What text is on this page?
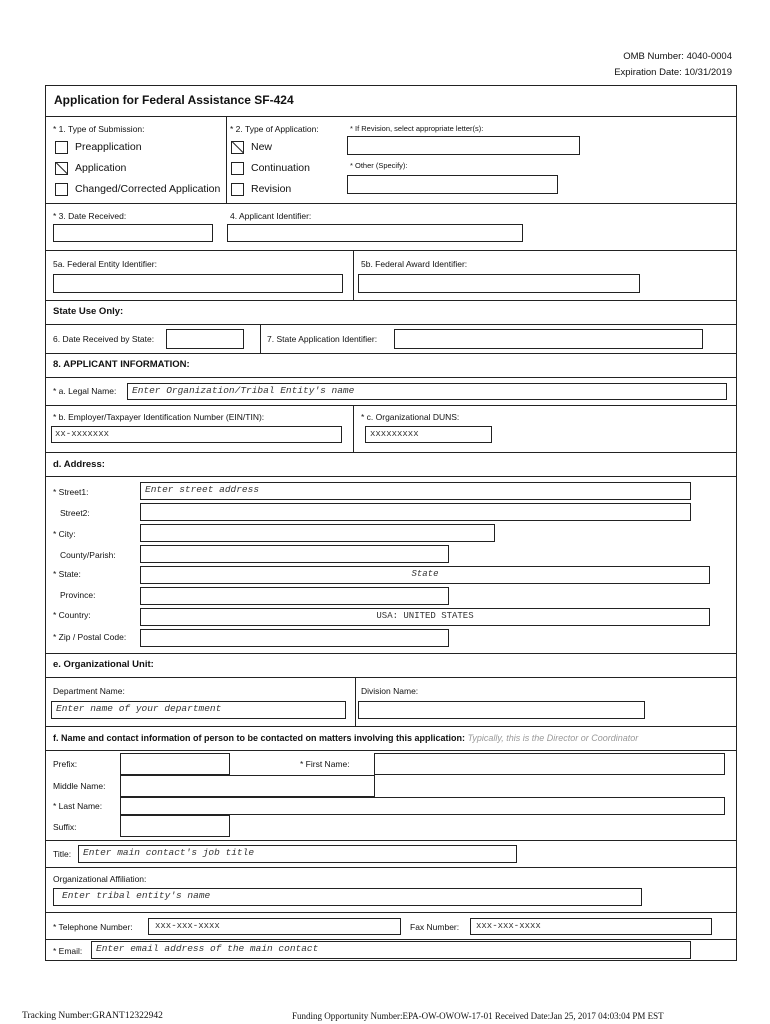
OMB Number: 4040-0004
Expiration Date: 10/31/2019
Application for Federal Assistance SF-424
* 1. Type of Submission:	* 2. Type of Application:	* If Revision, select appropriate letter(s):
* Other (Specify):
Preapplication
Application
Changed/Corrected Application
New
Continuation
Revision
* 3. Date Received:	4. Applicant Identifier:
5a. Federal Entity Identifier:	5b. Federal Award Identifier:
State Use Only:
6. Date Received by State:	7. State Application Identifier:
8. APPLICANT INFORMATION:
* a. Legal Name:	Enter Organization/Tribal Entity's name
* b. Employer/Taxpayer Identification Number (EIN/TIN):
xx-xxxxxxx
* c. Organizational DUNS:
xxxxxxxxx
d. Address:
* Street1:	Enter street address
Street2:
* City:
County/Parish:
* State:	State
Province:
* Country:	USA: UNITED STATES
* Zip / Postal Code:
e. Organizational Unit:
Department Name:
Enter name of your department
Division Name:
f. Name and contact information of person to be contacted on matters involving this application: Typically, this is the Director or Coordinator
Prefix:	* First Name:
Middle Name:
* Last Name:
Suffix:
Title:	Enter main contact's job title
Organizational Affiliation:
Enter tribal entity's name
* Telephone Number:	xxx-xxx-xxxx	Fax Number:	xxx-xxx-xxxx
* Email:	Enter email address of the main contact
Tracking Number:GRANT12322942	Funding Opportunity Number:EPA-OW-OWOW-17-01 Received Date:Jan 25, 2017 04:03:04 PM EST
